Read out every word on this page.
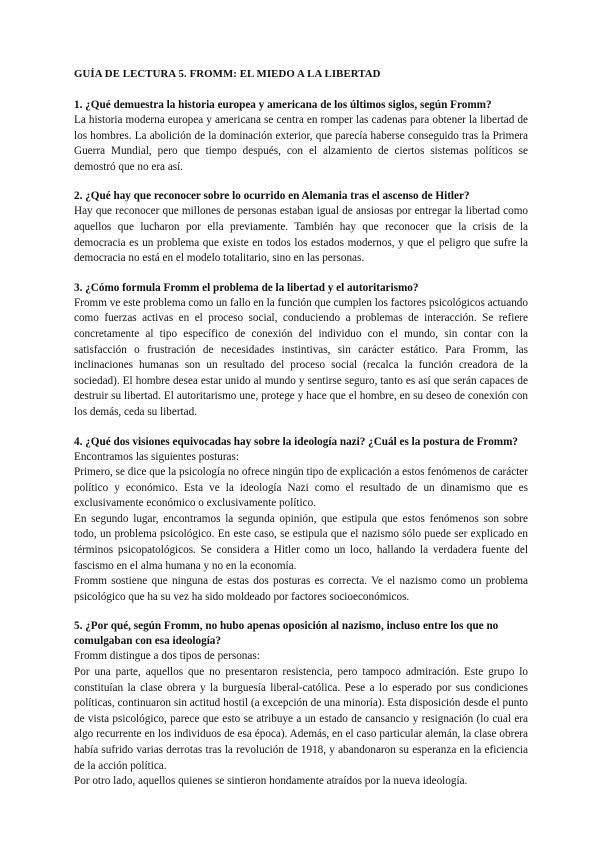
GUÍA DE LECTURA 5. FROMM: EL MIEDO A LA LIBERTAD
1. ¿Qué demuestra la historia europea y americana de los últimos siglos, según Fromm?
La historia moderna europea y americana se centra en romper las cadenas para obtener la libertad de los hombres. La abolición de la dominación exterior, que parecía haberse conseguido tras la Primera Guerra Mundial, pero que tiempo después, con el alzamiento de ciertos sistemas políticos se demostró que no era así.
2. ¿Qué hay que reconocer sobre lo ocurrido en Alemania tras el ascenso de Hitler?
Hay que reconocer que millones de personas estaban igual de ansiosas por entregar la libertad como aquellos que lucharon por ella previamente. También hay que reconocer que la crisis de la democracia es un problema que existe en todos los estados modernos, y que el peligro que sufre la democracia no está en el modelo totalitario, sino en las personas.
3. ¿Cómo formula Fromm el problema de la libertad y el autoritarismo?
Fromm ve este problema como un fallo en la función que cumplen los factores psicológicos actuando como fuerzas activas en el proceso social, conduciendo a problemas de interacción. Se refiere concretamente al tipo específico de conexión del individuo con el mundo, sin contar con la satisfacción o frustración de necesidades instintivas, sin carácter estático. Para Fromm, las inclinaciones humanas son un resultado del proceso social (recalca la función creadora de la sociedad). El hombre desea estar unido al mundo y sentirse seguro, tanto es así que serán capaces de destruir su libertad. El autoritarismo une, protege y hace que el hombre, en su deseo de conexión con los demás, ceda su libertad.
4. ¿Qué dos visiones equivocadas hay sobre la ideología nazi? ¿Cuál es la postura de Fromm?
Encontramos las siguientes posturas:
Primero, se dice que la psicología no ofrece ningún tipo de explicación a estos fenómenos de carácter político y económico. Esta ve la ideología Nazi como el resultado de un dinamismo que es exclusivamente económico o exclusivamente político.
En segundo lugar, encontramos la segunda opinión, que estipula que estos fenómenos son sobre todo, un problema psicológico. En este caso, se estipula que el nazismo sólo puede ser explicado en términos psicopatológicos. Se considera a Hitler como un loco, hallando la verdadera fuente del fascismo en el alma humana y no en la economía.
Fromm sostiene que ninguna de estas dos posturas es correcta. Ve el nazismo como un problema psicológico que ha su vez ha sido moldeado por factores socioeconómicos.
5. ¿Por qué, según Fromm, no hubo apenas oposición al nazismo, incluso entre los que no comulgaban con esa ideología?
Fromm distingue a dos tipos de personas:
Por una parte, aquellos que no presentaron resistencia, pero tampoco admiración. Este grupo lo constituían la clase obrera y la burguesía liberal-católica. Pese a lo esperado por sus condiciones políticas, continuaron sin actitud hostil (a excepción de una minoría). Esta disposición desde el punto de vista psicológico, parece que esto se atribuye a un estado de cansancio y resignación (lo cual era algo recurrente en los individuos de esa época). Además, en el caso particular alemán, la clase obrera había sufrido varias derrotas tras la revolución de 1918, y abandonaron su esperanza en la eficiencia de la acción política.
Por otro lado, aquellos quienes se sintieron hondamente atraídos por la nueva ideología.
